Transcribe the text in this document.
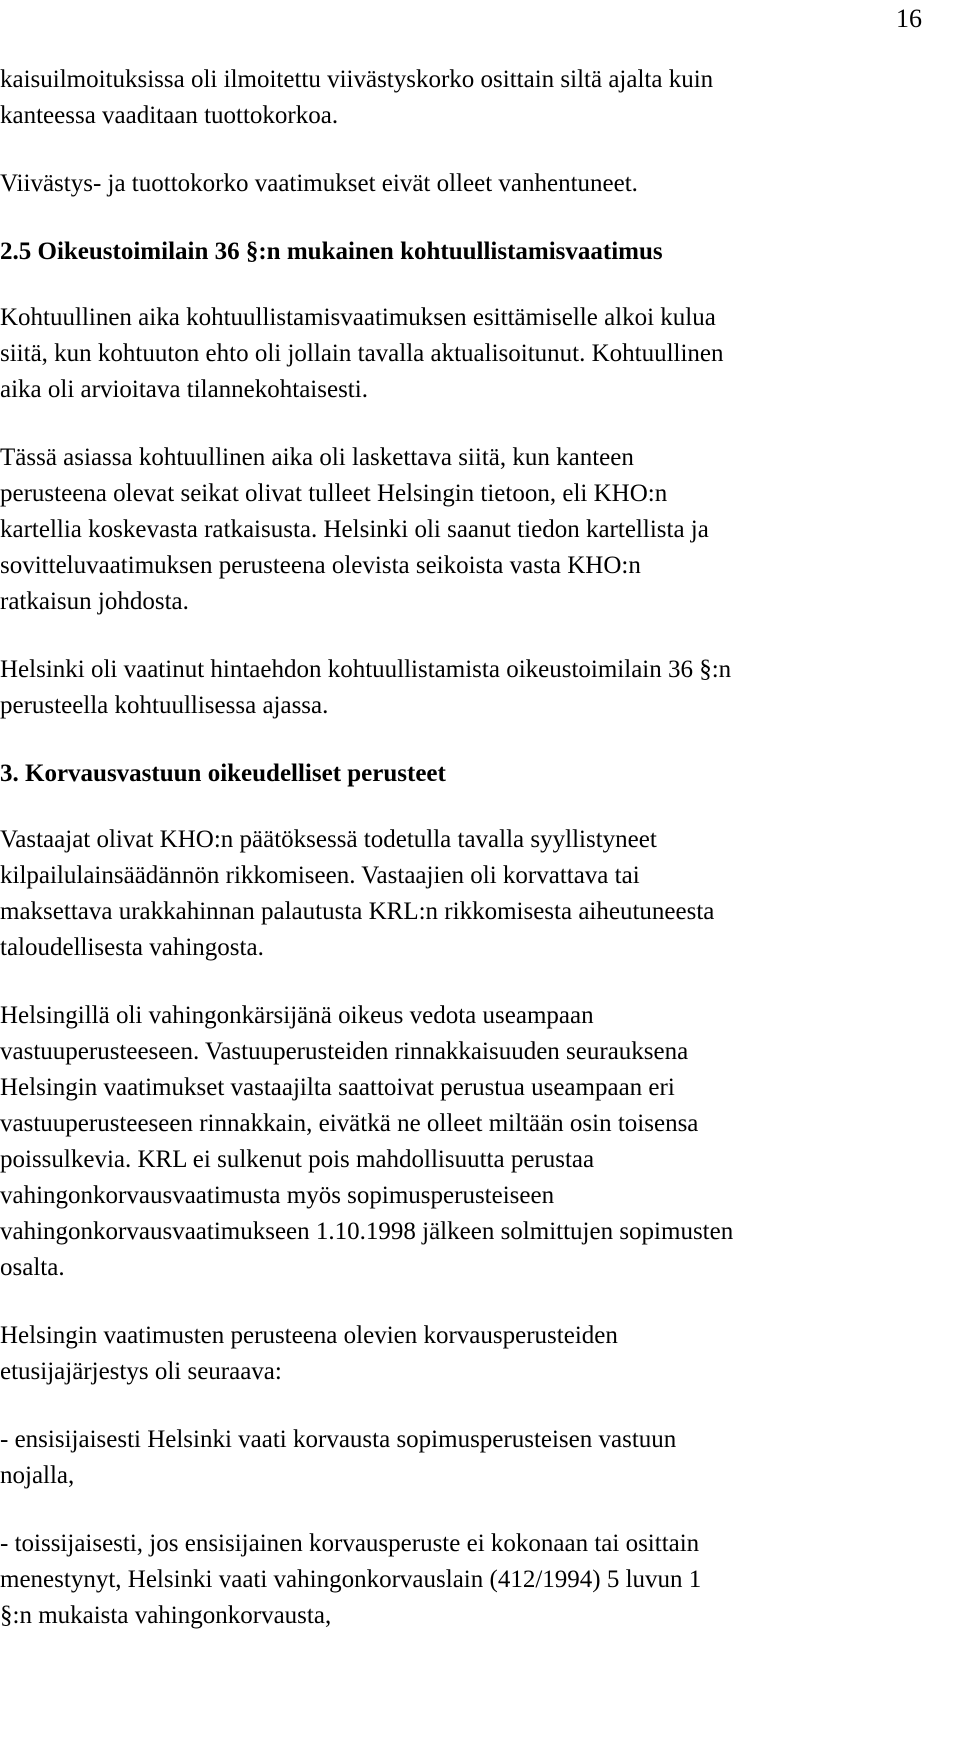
16
kaisuilmoituksissa oli ilmoitettu viivästyskorko osittain siltä ajalta kuin
kanteessa vaaditaan tuottokorkoa.
Viivästys- ja tuottokorko vaatimukset eivät olleet vanhentuneet.
2.5 Oikeustoimilain 36 §:n mukainen kohtuullistamisvaatimus
Kohtuullinen aika kohtuullistamisvaatimuksen esittämiselle alkoi kulua
siitä, kun kohtuuton ehto oli jollain tavalla aktualisoitunut. Kohtuullinen
aika oli arvioitava tilannekohtaisesti.
Tässä asiassa kohtuullinen aika oli laskettava siitä, kun kanteen
perusteena olevat seikat olivat tulleet Helsingin tietoon, eli KHO:n
kartellia koskevasta ratkaisusta. Helsinki oli saanut tiedon kartellista ja
sovitteluvaatimuksen perusteena olevista seikoista vasta KHO:n
ratkaisun johdosta.
Helsinki oli vaatinut hintaehdon kohtuullistamista oikeustoimilain 36 §:n
perusteella kohtuullisessa ajassa.
3. Korvausvastuun oikeudelliset perusteet
Vastaajat olivat KHO:n päätöksessä todetulla tavalla syyllistyneet
kilpailulainsäädännön rikkomiseen. Vastaajien oli korvattava tai
maksettava urakkahinnan palautusta KRL:n rikkomisesta aiheutuneesta
taloudellisesta vahingosta.
Helsingillä oli vahingonkärsijänä oikeus vedota useampaan
vastuuperusteeseen. Vastuuperusteiden rinnakkaisuuden seurauksena
Helsingin vaatimukset vastaajilta saattoivat perustua useampaan eri
vastuuperusteeseen rinnakkain, eivätkä ne olleet miltään osin toisensa
poissulkevia. KRL ei sulkenut pois mahdollisuutta perustaa
vahingonkorvausvaatimusta myös sopimusperusteiseen
vahingonkorvausvaatimukseen 1.10.1998 jälkeen solmittujen sopimusten
osalta.
Helsingin vaatimusten perusteena olevien korvausperusteiden
etusijajärjestys oli seuraava:
- ensisijaisesti Helsinki vaati korvausta sopimusperusteisen vastuun
nojalla,
- toissijaisesti, jos ensisijainen korvausperuste ei kokonaan tai osittain
menestynyt, Helsinki vaati vahingonkorvauslain (412/1994) 5 luvun 1
§:n mukaista vahingonkorvausta,
